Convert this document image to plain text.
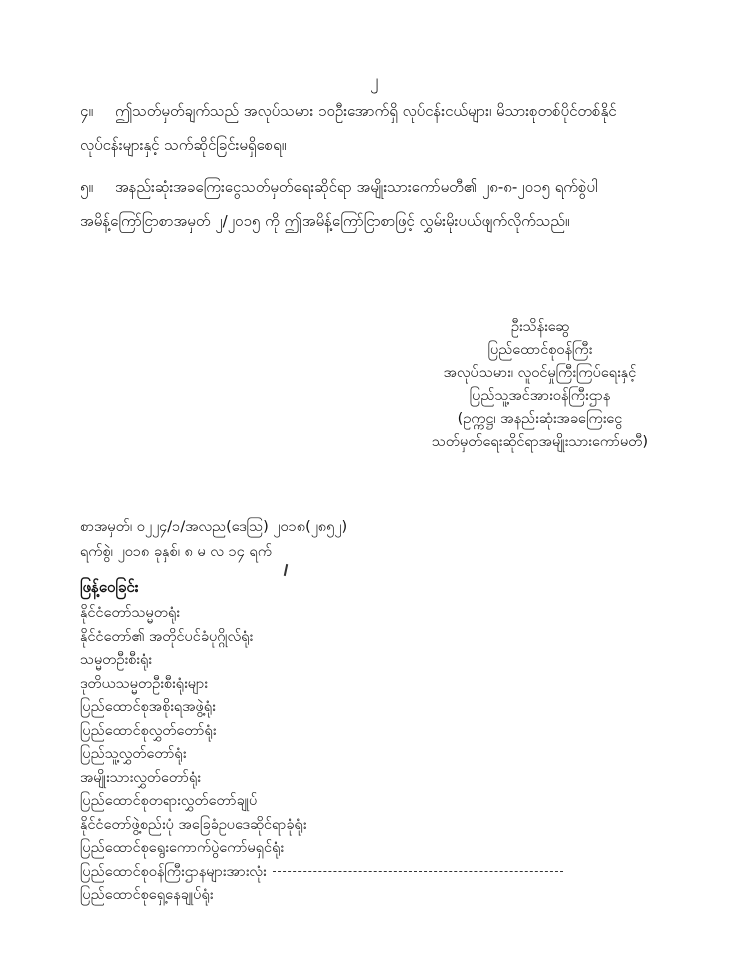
၂
၄။ ဤသတ်မှတ်ချက်သည် အလုပ်သမား ၁၀ဦးအောက်ရှိ လုပ်ငန်းငယ်များ၊ မိသားစုတစ်ပိုင်တစ်နိုင်
လုပ်ငန်းများနှင့် သက်ဆိုင်ခြင်းမရှိစေရ။
၅။ အနည်းဆုံးအခကြေးငွေသတ်မှတ်ရေးဆိုင်ရာ အမျိုးသားကော်မတီ၏ ၂၈-၈-၂၀၁၅ ရက်စွဲပါ
အမိန့်ကြော်ငြာစာအမှတ် ၂/၂၀၁၅ ကို ဤအမိန့်ကြော်ငြာစာဖြင့် လွှမ်းမိုးပယ်ဖျက်လိုက်သည်။
ဦးသိန်းဆွေ
ပြည်ထောင်စုဝန်ကြီး
အလုပ်သမား၊ လူဝင်မှုကြီးကြပ်ရေးနှင့်
ပြည်သူ့အင်အားဝန်ကြီးဌာန
(ဥက္ကဋ္ဌ၊ အနည်းဆုံးအခကြေးငွေ
သတ်မှတ်ရေးဆိုင်ရာအမျိုးသားကော်မတီ)
စာအမှတ်၊ ၀၂၂၄/၁/အလည(ဒေသြ) ၂၀၁၈(၂၈၅၂)
ရက်စွဲ၊ ၂၀၁၈ ခုနှစ်၊ ၈ မ လ ၁၄ ရက်
ဖြန့်ဝေခြင်း
နိုင်ငံတော်သမ္မတရုံး
နိုင်ငံတော်၏ အတိုင်ပင်ခံပုဂ္ဂိုလ်ရုံး
သမ္မတဦးစီးရုံး
ဒုတိယသမ္မတဦးစီးရုံးများ
ပြည်ထောင်စုအစိုးရအဖွဲ့ရုံး
ပြည်ထောင်စုလွှတ်တော်ရုံး
ပြည်သူ့လွှတ်တော်ရုံး
အမျိုးသားလွှတ်တော်ရုံး
ပြည်ထောင်စုတရားလွှတ်တော်ချုပ်
နိုင်ငံတော်ဖွဲ့စည်းပုံ အခြေခံဥပဒေဆိုင်ရာခုံရုံး
ပြည်ထောင်စုရွေးကောက်ပွဲကော်မရှင်ရုံး
ပြည်ထောင်စုဝန်ကြီးဌာနများအားလုံး
ပြည်ထောင်စုရှေ့နေချုပ်ရုံး
